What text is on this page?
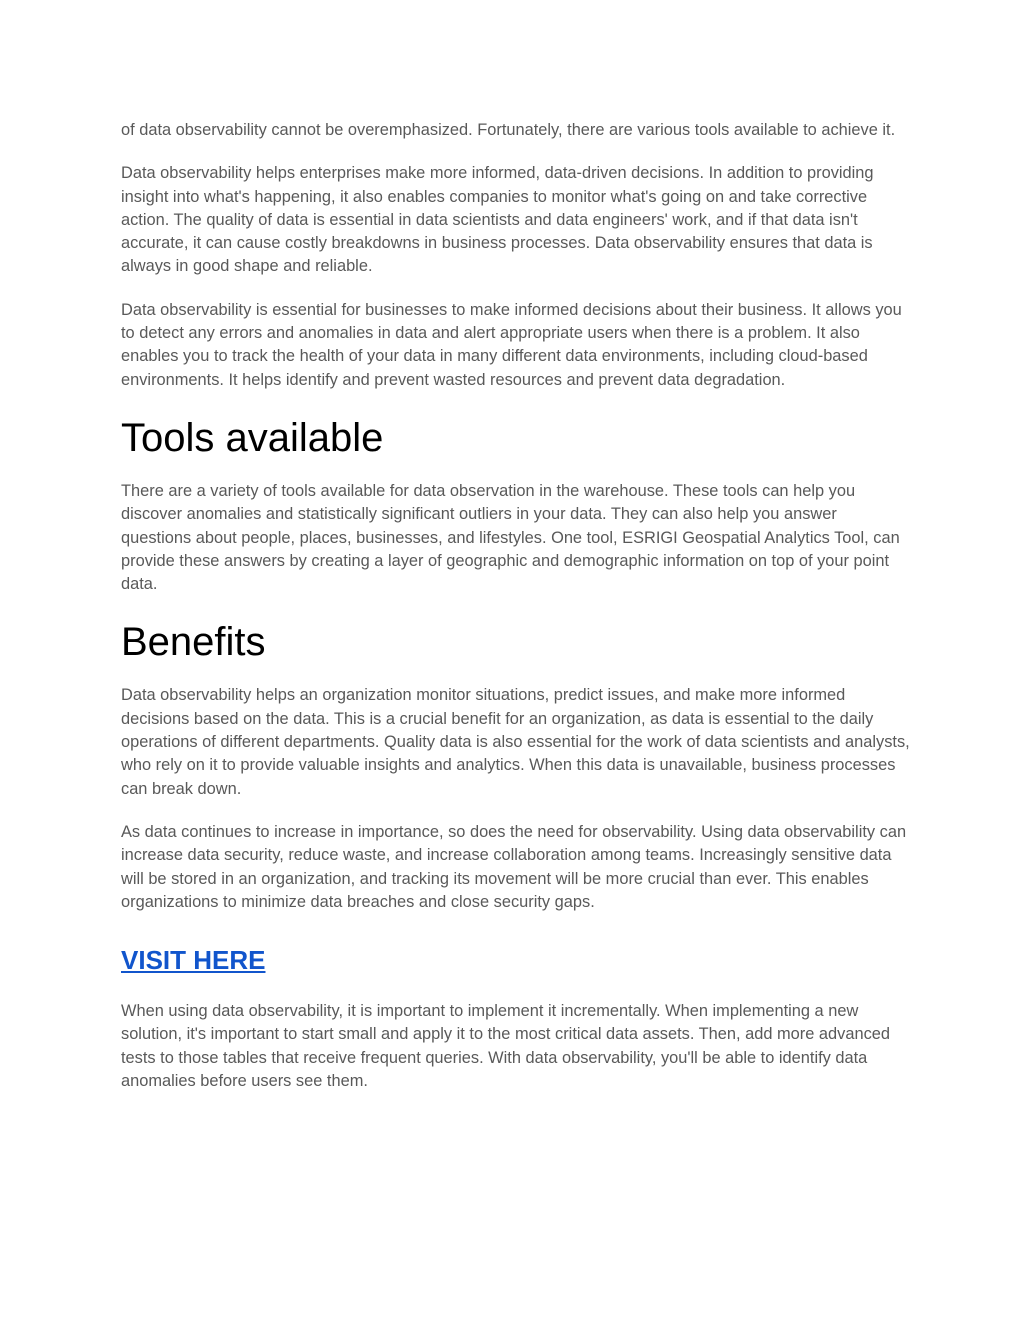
of data observability cannot be overemphasized. Fortunately, there are various tools available to achieve it.

Data observability helps enterprises make more informed, data-driven decisions. In addition to providing insight into what's happening, it also enables companies to monitor what's going on and take corrective action. The quality of data is essential in data scientists and data engineers' work, and if that data isn't accurate, it can cause costly breakdowns in business processes. Data observability ensures that data is always in good shape and reliable.

Data observability is essential for businesses to make informed decisions about their business. It allows you to detect any errors and anomalies in data and alert appropriate users when there is a problem. It also enables you to track the health of your data in many different data environments, including cloud-based environments. It helps identify and prevent wasted resources and prevent data degradation.

Tools available

There are a variety of tools available for data observation in the warehouse. These tools can help you discover anomalies and statistically significant outliers in your data. They can also help you answer questions about people, places, businesses, and lifestyles. One tool, ESRIGI Geospatial Analytics Tool, can provide these answers by creating a layer of geographic and demographic information on top of your point data.

Benefits

Data observability helps an organization monitor situations, predict issues, and make more informed decisions based on the data. This is a crucial benefit for an organization, as data is essential to the daily operations of different departments. Quality data is also essential for the work of data scientists and analysts, who rely on it to provide valuable insights and analytics. When this data is unavailable, business processes can break down.

As data continues to increase in importance, so does the need for observability. Using data observability can increase data security, reduce waste, and increase collaboration among teams. Increasingly sensitive data will be stored in an organization, and tracking its movement will be more crucial than ever. This enables organizations to minimize data breaches and close security gaps.

VISIT HERE

When using data observability, it is important to implement it incrementally. When implementing a new solution, it's important to start small and apply it to the most critical data assets. Then, add more advanced tests to those tables that receive frequent queries. With data observability, you'll be able to identify data anomalies before users see them.
